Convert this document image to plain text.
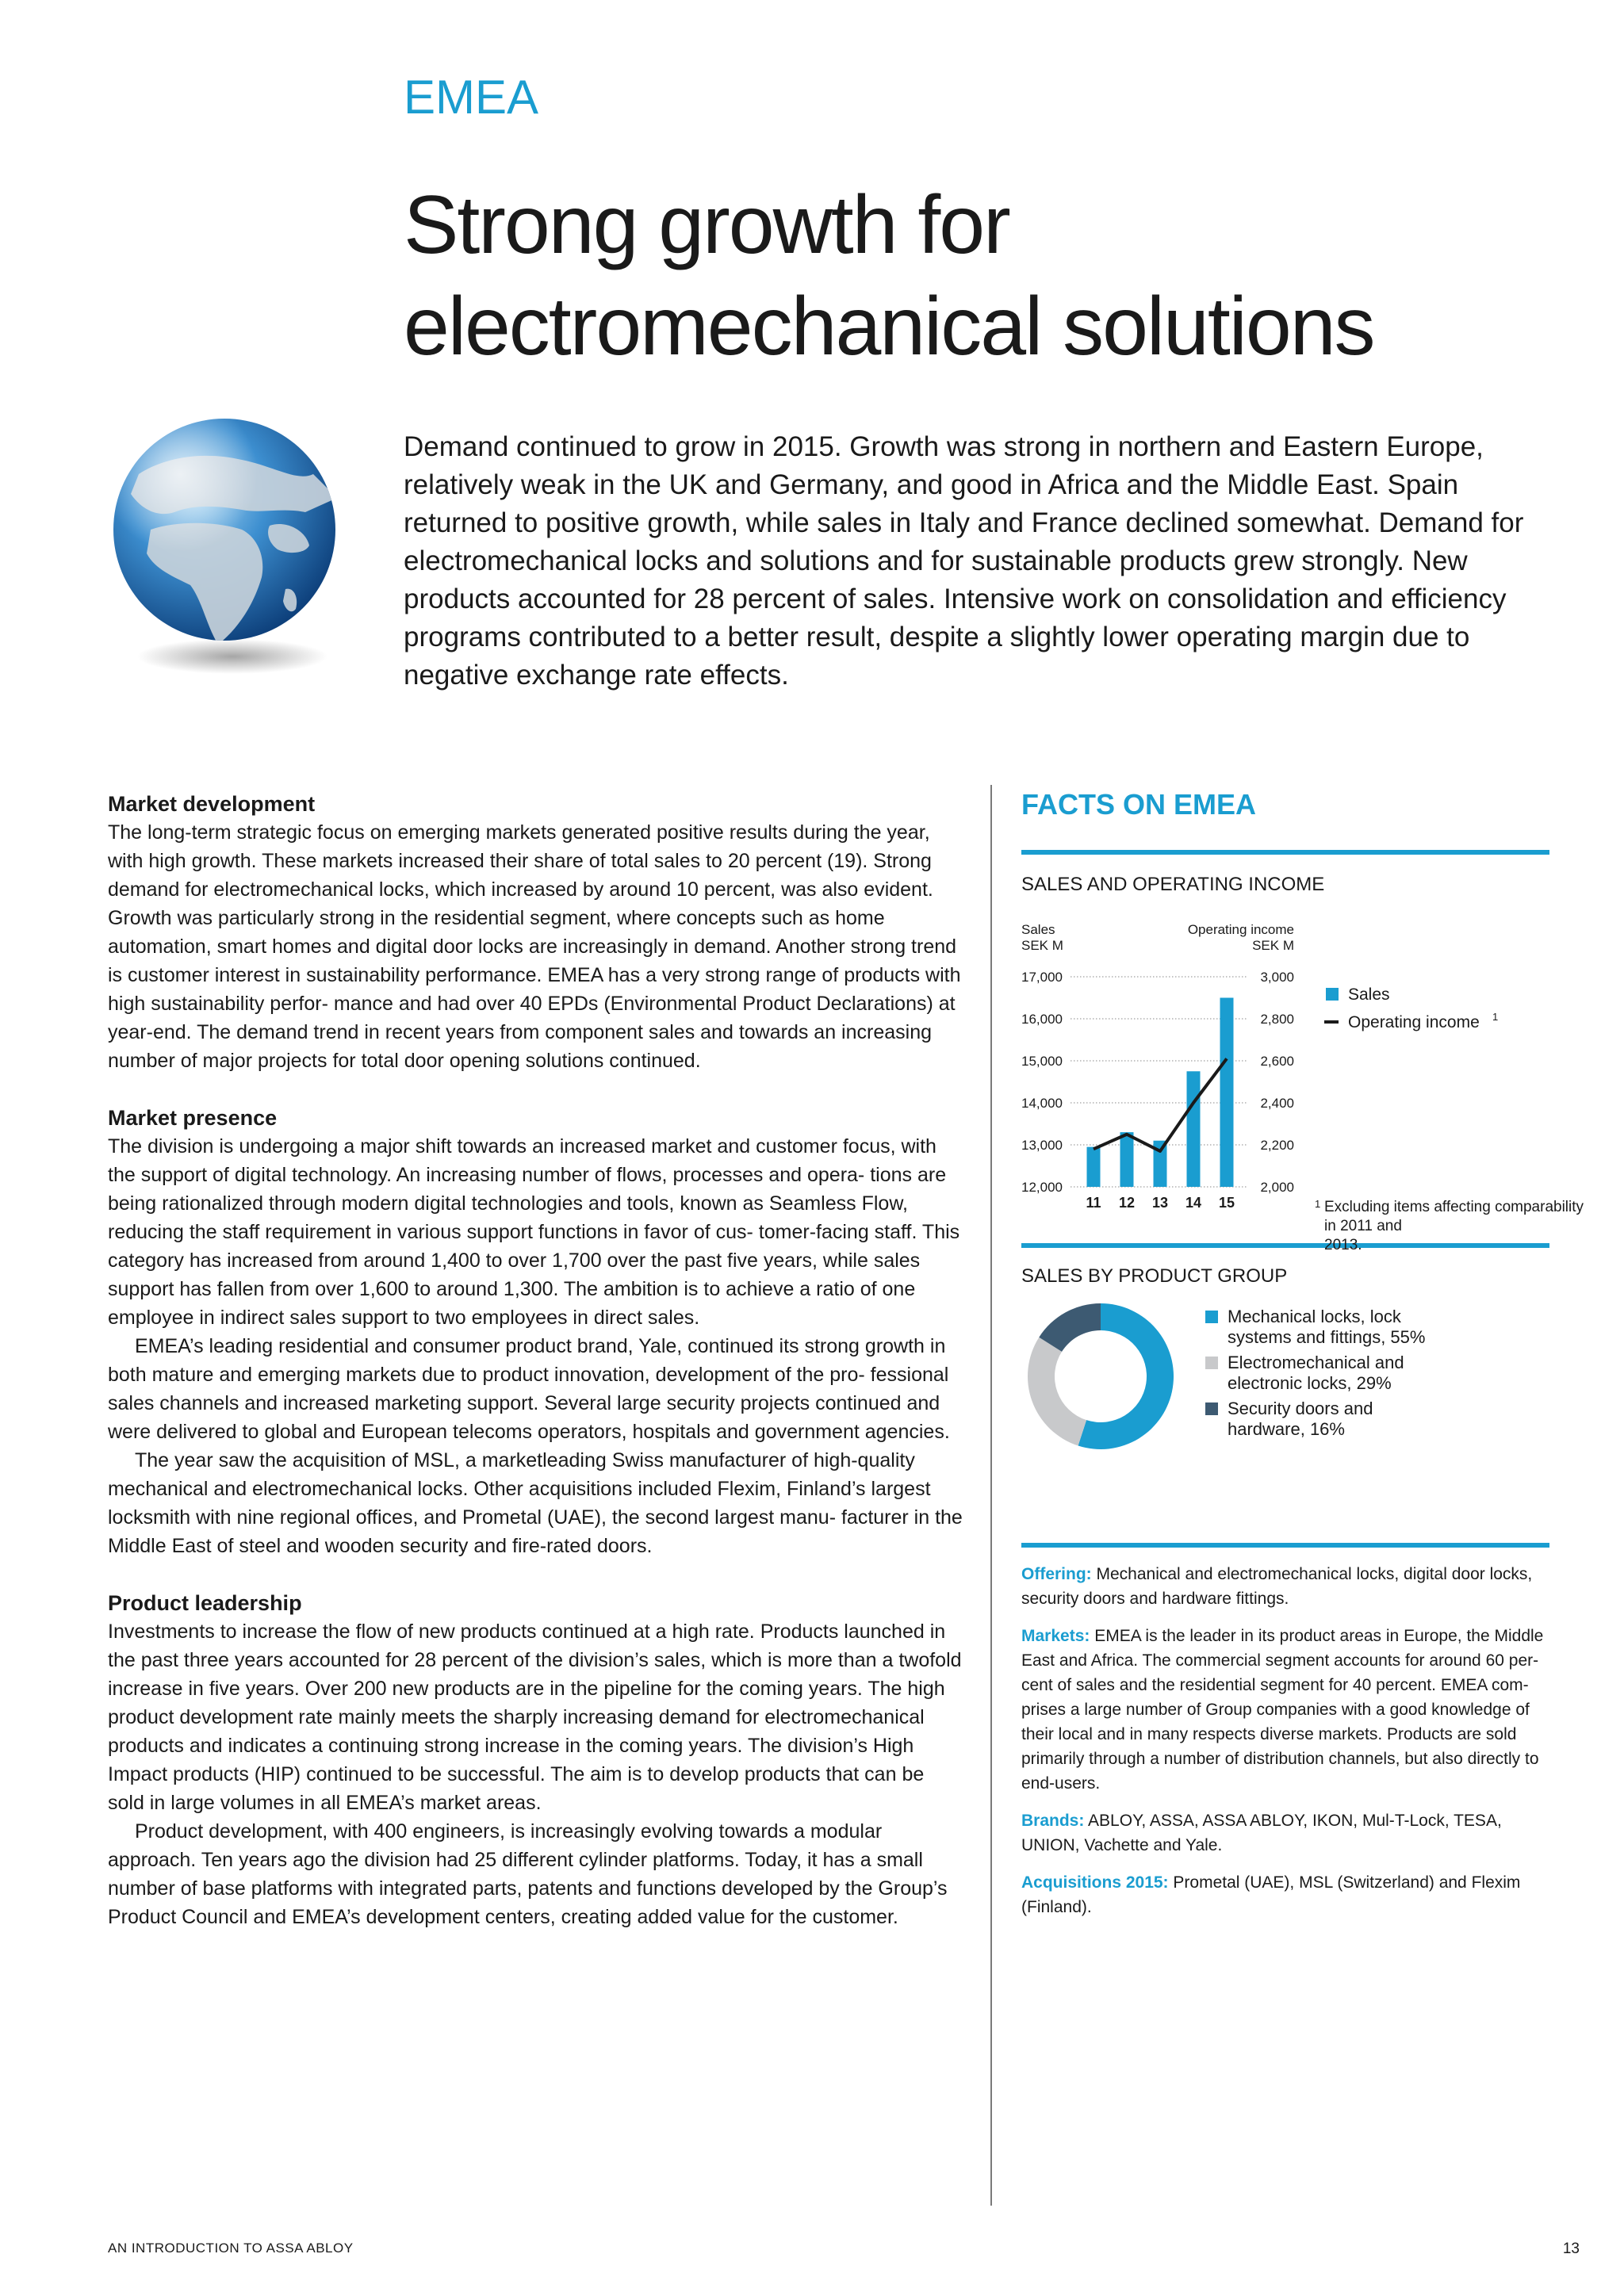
EMEA
Strong growth for
electromechanical solutions
Demand continued to grow in 2015. Growth was strong in northern and Eastern Europe, relatively weak in the UK and Germany, and good in Africa and the Middle East. Spain returned to positive growth, while sales in Italy and France declined somewhat. Demand for electromechanical locks and solutions and for sustainable products grew strongly. New products accounted for 28 percent of sales. Intensive work on consolidation and efficiency programs contributed to a better result, despite a slightly lower operating margin due to negative exchange rate effects.
Market development

The long-term strategic focus on emerging markets generated positive results during the year, with high growth. These markets increased their share of total sales to 20 percent (19). Strong demand for electromechanical locks, which increased by around 10 percent, was also evident. Growth was particularly strong in the residential segment, where concepts such as home automation, smart homes and digital door locks are increasingly in demand. Another strong trend is customer interest in sustainability performance. EMEA has a very strong range of products with high sustainability perfor- mance and had over 40 EPDs (Environmental Product Declarations) at year-end. The demand trend in recent years from component sales and towards an increasing number of major projects for total door opening solutions continued.

Market presence

The division is undergoing a major shift towards an increased market and customer focus, with the support of digital technology. An increasing number of flows, processes and opera- tions are being rationalized through modern digital technologies and tools, known as Seamless Flow, reducing the staff requirement in various support functions in favor of cus- tomer-facing staff. This category has increased from around 1,400 to over 1,700 over the past five years, while sales support has fallen from over 1,600 to around 1,300. The ambition is to achieve a ratio of one employee in indirect sales support to two employees in direct sales.

EMEA’s leading residential and consumer product brand, Yale, continued its strong growth in both mature and emerging markets due to product innovation, development of the pro- fessional sales channels and increased marketing support. Several large security projects continued and were delivered to global and European telecoms operators, hospitals and government agencies.

The year saw the acquisition of MSL, a marketleading Swiss manufacturer of high-quality mechanical and electromechanical locks. Other acquisitions included Flexim, Finland’s largest locksmith with nine regional offices, and Prometal (UAE), the second largest manu- facturer in the Middle East of steel and wooden security and fire-rated doors.

Product leadership

Investments to increase the flow of new products continued at a high rate. Products launched in the past three years accounted for 28 percent of the division’s sales, which is more than a twofold increase in five years. Over 200 new products are in the pipeline for the coming years. The high product development rate mainly meets the sharply increasing demand for electromechanical products and indicates a continuing strong increase in the coming years. The division’s High Impact products (HIP) continued to be successful. The aim is to develop products that can be sold in large volumes in all EMEA’s market areas.

Product development, with 400 engineers, is increasingly evolving towards a modular approach. Ten years ago the division had 25 different cylinder platforms. Today, it has a small number of base platforms with integrated parts, patents and functions developed by the Group’s Product Council and EMEA’s development centers, creating added value for the customer.

FACTS ON EMEA
SALES AND OPERATING INCOME
Sales
SEK M
Operating income
SEK M
17,000	3,000
16,000	2,800
15,000	2,600
14,000	2,400
13,000	2,200
12,000	2,000
11 12 13 14 15
Sales
Operating income 1
1 Excluding items affecting comparability
in 2011 and
2013.
SALES BY PRODUCT GROUP
Mechanical locks, lock systems and fittings, 55%
Electromechanical and electronic locks, 29%
Security doors and hardware, 16%

Offering: Mechanical and electromechanical locks, digital door locks, security doors and hardware fittings.

Markets: EMEA is the leader in its product areas in Europe, the Middle East and Africa. The commercial segment accounts for around 60 per- cent of sales and the residential segment for 40 percent. EMEA com- prises a large number of Group companies with a good knowledge of their local and in many respects diverse markets. Products are sold primarily through a number of distribution channels, but also directly to end-users.

Brands: ABLOY, ASSA, ASSA ABLOY, IKON, Mul-T-Lock, TESA, UNION, Vachette and Yale.

Acquisitions 2015: Prometal (UAE), MSL (Switzerland) and Flexim (Finland).

AN INTRODUCTION TO ASSA ABLOY	13
